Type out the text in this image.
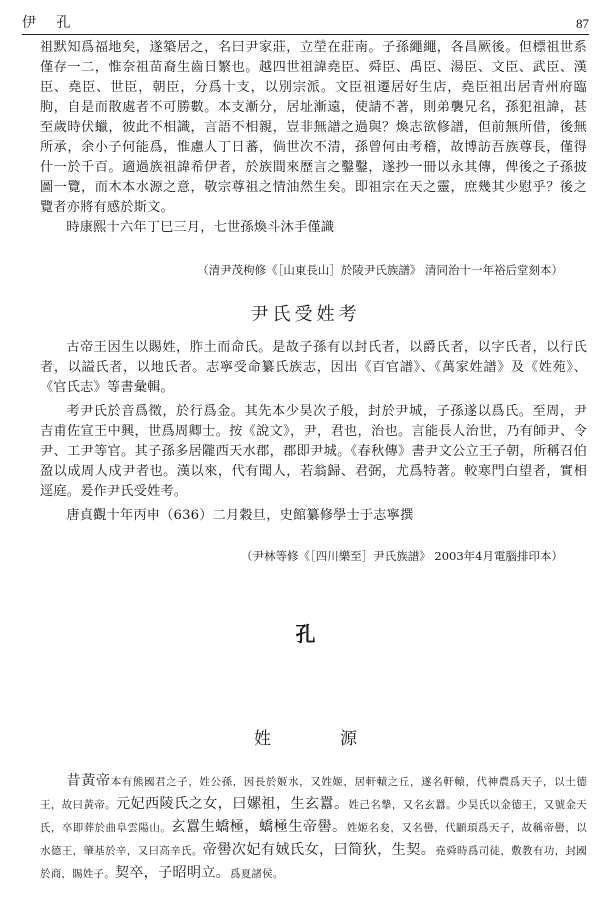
伊 孔	87

祖默知爲福地矣，遂築居之，名曰尹家莊，立塋在莊南。子孫繩繩，各昌厥後。但標祖世系僅存一二，惟奈祖苗裔生齒日繁也。越四世祖諱堯臣、舜臣、禹臣、湯臣、文臣、武臣、漢臣、堯臣、世臣，朝臣，分爲十支，以別宗派。文臣祖遷居好生店，堯臣祖出居青州府臨朐，自是而散處者不可勝數。本支漸分，居址漸遠，使請不著，則弟襲兄名，孫犯祖諱，甚至歲時伏蠟，彼此不相識，言語不相親，豈非無譜之過與？煥志欲修譜，但前無所借，後無所承，余小子何能爲，惟慮人丁日蕃，倘世次不清，孫曾何由考稽，故博訪吾族尊長，僅得什一於千百。適過族祖諱希伊者，於族間來歷言之鑿鑿，遂抄一冊以永其傳，俾後之子孫披圖一覽，而木本水源之意，敬宗尊祖之情油然生矣。即祖宗在天之靈，庶幾其少慰乎？後之覽者亦將有感於斯文。

時康熙十六年丁巳三月，七世孫煥斗沐手僅識

（清尹茂枸修《［山東長山］於陵尹氏族譜》 清同治十一年裕后堂刻本）

尹氏受姓考

古帝王因生以賜姓，胙土而命氏。是故子孫有以封氏者，以爵氏者，以字氏者，以行氏者，以謚氏者，以地氏者。志寧受命纂氏族志，因出《百官譜》、《萬家姓譜》及《姓苑》、《官氏志》等書彙輯。

考尹氏於音爲徵，於行爲金。其先本少昊次子般，封於尹城，子孫遂以爲氏。至周，尹吉甫佐宣王中興，世爲周卿士。按《說文》，尹，君也，治也。言能長人治世，乃有師尹、令尹、工尹等官。其子孫多居隴西天水郡，郡即尹城。《春秋傳》書尹文公立王子朝，所稱召伯盈以成周人戍尹者也。漢以來，代有聞人，若翁歸、君弼，尤爲特著。較寒門白望者，實相逕庭。爰作尹氏受姓考。

唐貞觀十年丙申（636）二月穀旦，史館纂修學士于志寧撰

（尹林等修《［四川樂至］尹氏族譜》 2003年4月電腦排印本）

孔

姓　源

昔黃帝本有熊國君之子，姓公孫，因長於姬水，又姓姬，居軒轅之丘，遂名軒轅，代神農爲天子，以土德王，故曰黃帝。元妃西陵氏之女，曰嫘祖，生玄囂。姓己名摯，又名玄囂。少昊氏以金德王，又號金天氏，卒即葬於曲阜雲陽山。玄囂生蟜極，蟜極生帝嚳。姓姬名夋，又名嚳，代顓頊爲天子，故稱帝嚳，以水德王，肇基於辛，又曰高辛氏。帝嚳次妃有娀氏女，曰简狄，生契。堯舜時爲司徒，敷教有功，封國於商，賜姓子。契卒，子昭明立。爲夏諸侯。
